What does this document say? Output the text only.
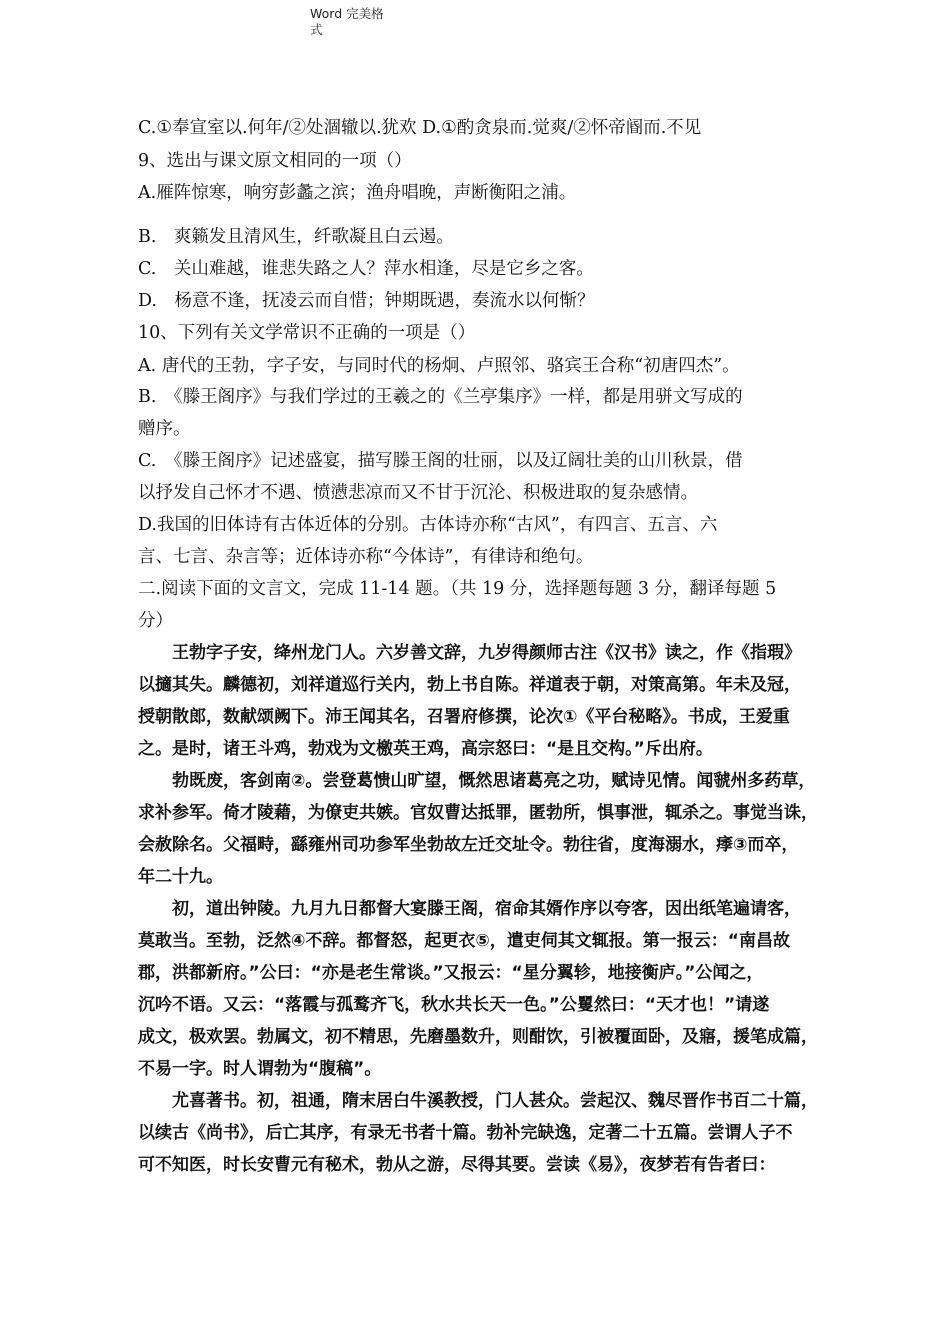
Word 完美格
式

C.①奉宣室以.何年/②处涸辙以.犹欢 D.①酌贪泉而.觉爽/②怀帝阍而.不见

9、选出与课文原文相同的一项（）

A.雁阵惊寒，响穷彭蠡之滨；渔舟唱晚，声断衡阳之浦。

B.　爽籁发且清风生，纤歌凝且白云遏。

C.　关山难越，谁悲失路之人？萍水相逢，尽是它乡之客。

D.　杨意不逢，抚凌云而自惜；钟期既遇，奏流水以何惭？

10、下列有关文学常识不正确的一项是（）

A. 唐代的王勃，字子安，与同时代的杨炯、卢照邻、骆宾王合称“初唐四杰”。

B.　《滕王阁序》与我们学过的王羲之的《兰亭集序》一样，都是用骈文写成的

赠序。

C.　《滕王阁序》记述盛宴，描写滕王阁的壮丽，以及辽阔壮美的山川秋景，借

以抒发自己怀才不遇、愤懑悲凉而又不甘于沉沦、积极进取的复杂感情。

D.我国的旧体诗有古体近体的分别。古体诗亦称“古风”，有四言、五言、六

言、七言、杂言等；近体诗亦称“今体诗”，有律诗和绝句。

二.阅读下面的文言文，完成 11-14 题。（共 19 分，选择题每题 3 分，翻译每题 5

分）

　　王勃字子安，绛州龙门人。六岁善文辞，九岁得颜师古注《汉书》读之，作《指瑕》

以擿其失。麟德初，刘祥道巡行关内，勃上书自陈。祥道表于朝，对策高第。年未及冠，

授朝散郎，数献颂阙下。沛王闻其名，召署府修撰，论次①《平台秘略》。书成，王爱重

之。是时，诸王斗鸡，勃戏为文檄英王鸡，高宗怒曰：“是且交构。”斥出府。

　　勃既废，客剑南②。尝登葛愦山旷望，慨然思诸葛亮之功，赋诗见情。闻虢州多药草，

求补参军。倚才陵藉，为僚吏共嫉。官奴曹达抵罪，匿勃所，惧事泄，辄杀之。事觉当诛，

会赦除名。父福畤，繇雍州司功参军坐勃故左迁交址令。勃往省，度海溺水，痵③而卒，

年二十九。

　　初，道出钟陵。九月九日都督大宴滕王阁，宿命其婿作序以夸客，因出纸笔遍请客，

莫敢当。至勃，泛然④不辞。都督怒，起更衣⑤，遣吏伺其文辄报。第一报云：“南昌故

郡，洪都新府。”公曰：“亦是老生常谈。”又报云：“星分翼轸，地接衡庐。”公闻之，

沉吟不语。又云：“落霞与孤鹜齐飞，秋水共长天一色。”公矍然曰：“天才也！”请遂

成文，极欢罢。勃属文，初不精思，先磨墨数升，则酣饮，引被覆面卧，及寤，援笔成篇，

不易一字。时人谓勃为“腹稿”。

　　尤喜著书。初，祖通，隋末居白牛溪教授，门人甚众。尝起汉、魏尽晋作书百二十篇，

以续古《尚书》，后亡其序，有录无书者十篇。勃补完缺逸，定著二十五篇。尝谓人子不

可不知医，时长安曹元有秘术，勃从之游，尽得其要。尝读《易》，夜梦若有告者曰：
